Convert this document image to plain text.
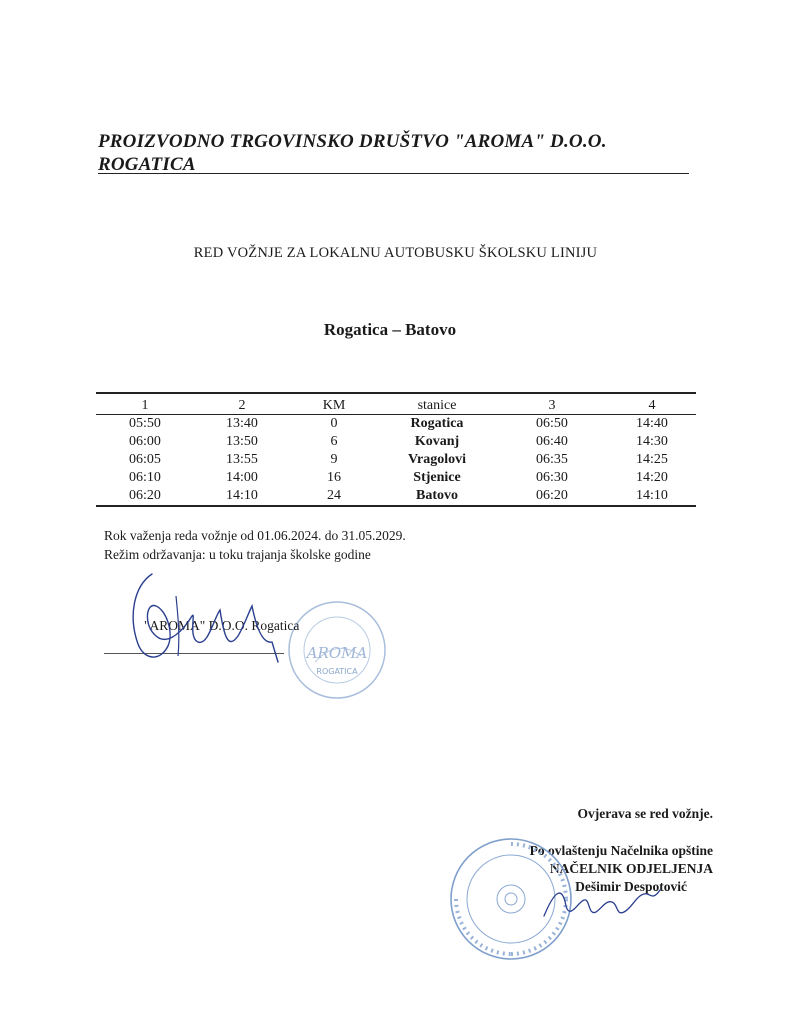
PROIZVODNO TRGOVINSKO DRUŠTVO "AROMA" D.O.O.
ROGATICA
RED VOŽNJE ZA LOKALNU AUTOBUSKU ŠKOLSKU LINIJU
Rogatica – Batovo
1	2	KM	stanice	3	4
05:50	13:40	0	Rogatica	06:50	14:40
06:00	13:50	6	Kovanj	06:40	14:30
06:05	13:55	9	Vragolovi	06:35	14:25
06:10	14:00	16	Stjenice	06:30	14:20
06:20	14:10	24	Batovo	06:20	14:10
Rok važenja reda vožnje od 01.06.2024. do 31.05.2029.
Režim održavanja: u toku trajanja školske godine
AROMA
ROGATICA
"AROMA" D.O.O. Rogatica
Ovjerava se red vožnje.
Po ovlaštenju Načelnika opštine
NAČELNIK ODJELJENJA
Dešimir Despotović
